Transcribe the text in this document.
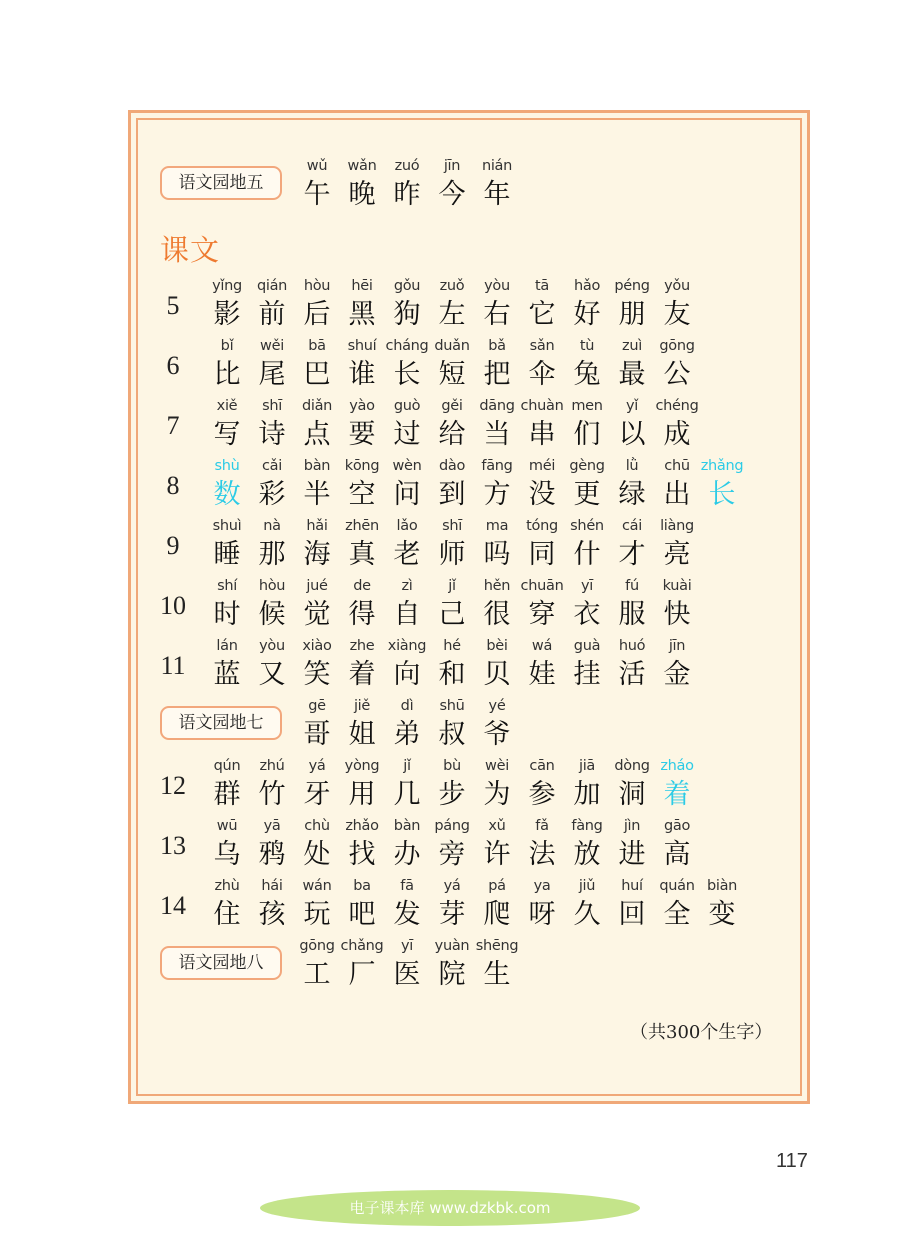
课文
语文园地五
wǔ
午
wǎn
晚
zuó
昨
jīn
今
nián
年
5
yǐng
影
qián
前
hòu
后
hēi
黑
gǒu
狗
zuǒ
左
yòu
右
tā
它
hǎo
好
péng
朋
yǒu
友
6
bǐ
比
wěi
尾
bā
巴
shuí
谁
cháng
长
duǎn
短
bǎ
把
sǎn
伞
tù
兔
zuì
最
gōng
公
7
xiě
写
shī
诗
diǎn
点
yào
要
guò
过
gěi
给
dāng
当
chuàn
串
men
们
yǐ
以
chéng
成
8
shù
数
cǎi
彩
bàn
半
kōng
空
wèn
问
dào
到
fāng
方
méi
没
gèng
更
lǜ
绿
chū
出
zhǎng
长
9
shuì
睡
nà
那
hǎi
海
zhēn
真
lǎo
老
shī
师
ma
吗
tóng
同
shén
什
cái
才
liàng
亮
10
shí
时
hòu
候
jué
觉
de
得
zì
自
jǐ
己
hěn
很
chuān
穿
yī
衣
fú
服
kuài
快
11
lán
蓝
yòu
又
xiào
笑
zhe
着
xiàng
向
hé
和
bèi
贝
wá
娃
guà
挂
huó
活
jīn
金
语文园地七
gē
哥
jiě
姐
dì
弟
shū
叔
yé
爷
12
qún
群
zhú
竹
yá
牙
yòng
用
jǐ
几
bù
步
wèi
为
cān
参
jiā
加
dòng
洞
zháo
着
13
wū
乌
yā
鸦
chù
处
zhǎo
找
bàn
办
páng
旁
xǔ
许
fǎ
法
fàng
放
jìn
进
gāo
高
14
zhù
住
hái
孩
wán
玩
ba
吧
fā
发
yá
芽
pá
爬
ya
呀
jiǔ
久
huí
回
quán
全
biàn
变
语文园地八
gōng
工
chǎng
厂
yī
医
yuàn
院
shēng
生
（共300个生字）
117
电子课本库 www.dzkbk.com
